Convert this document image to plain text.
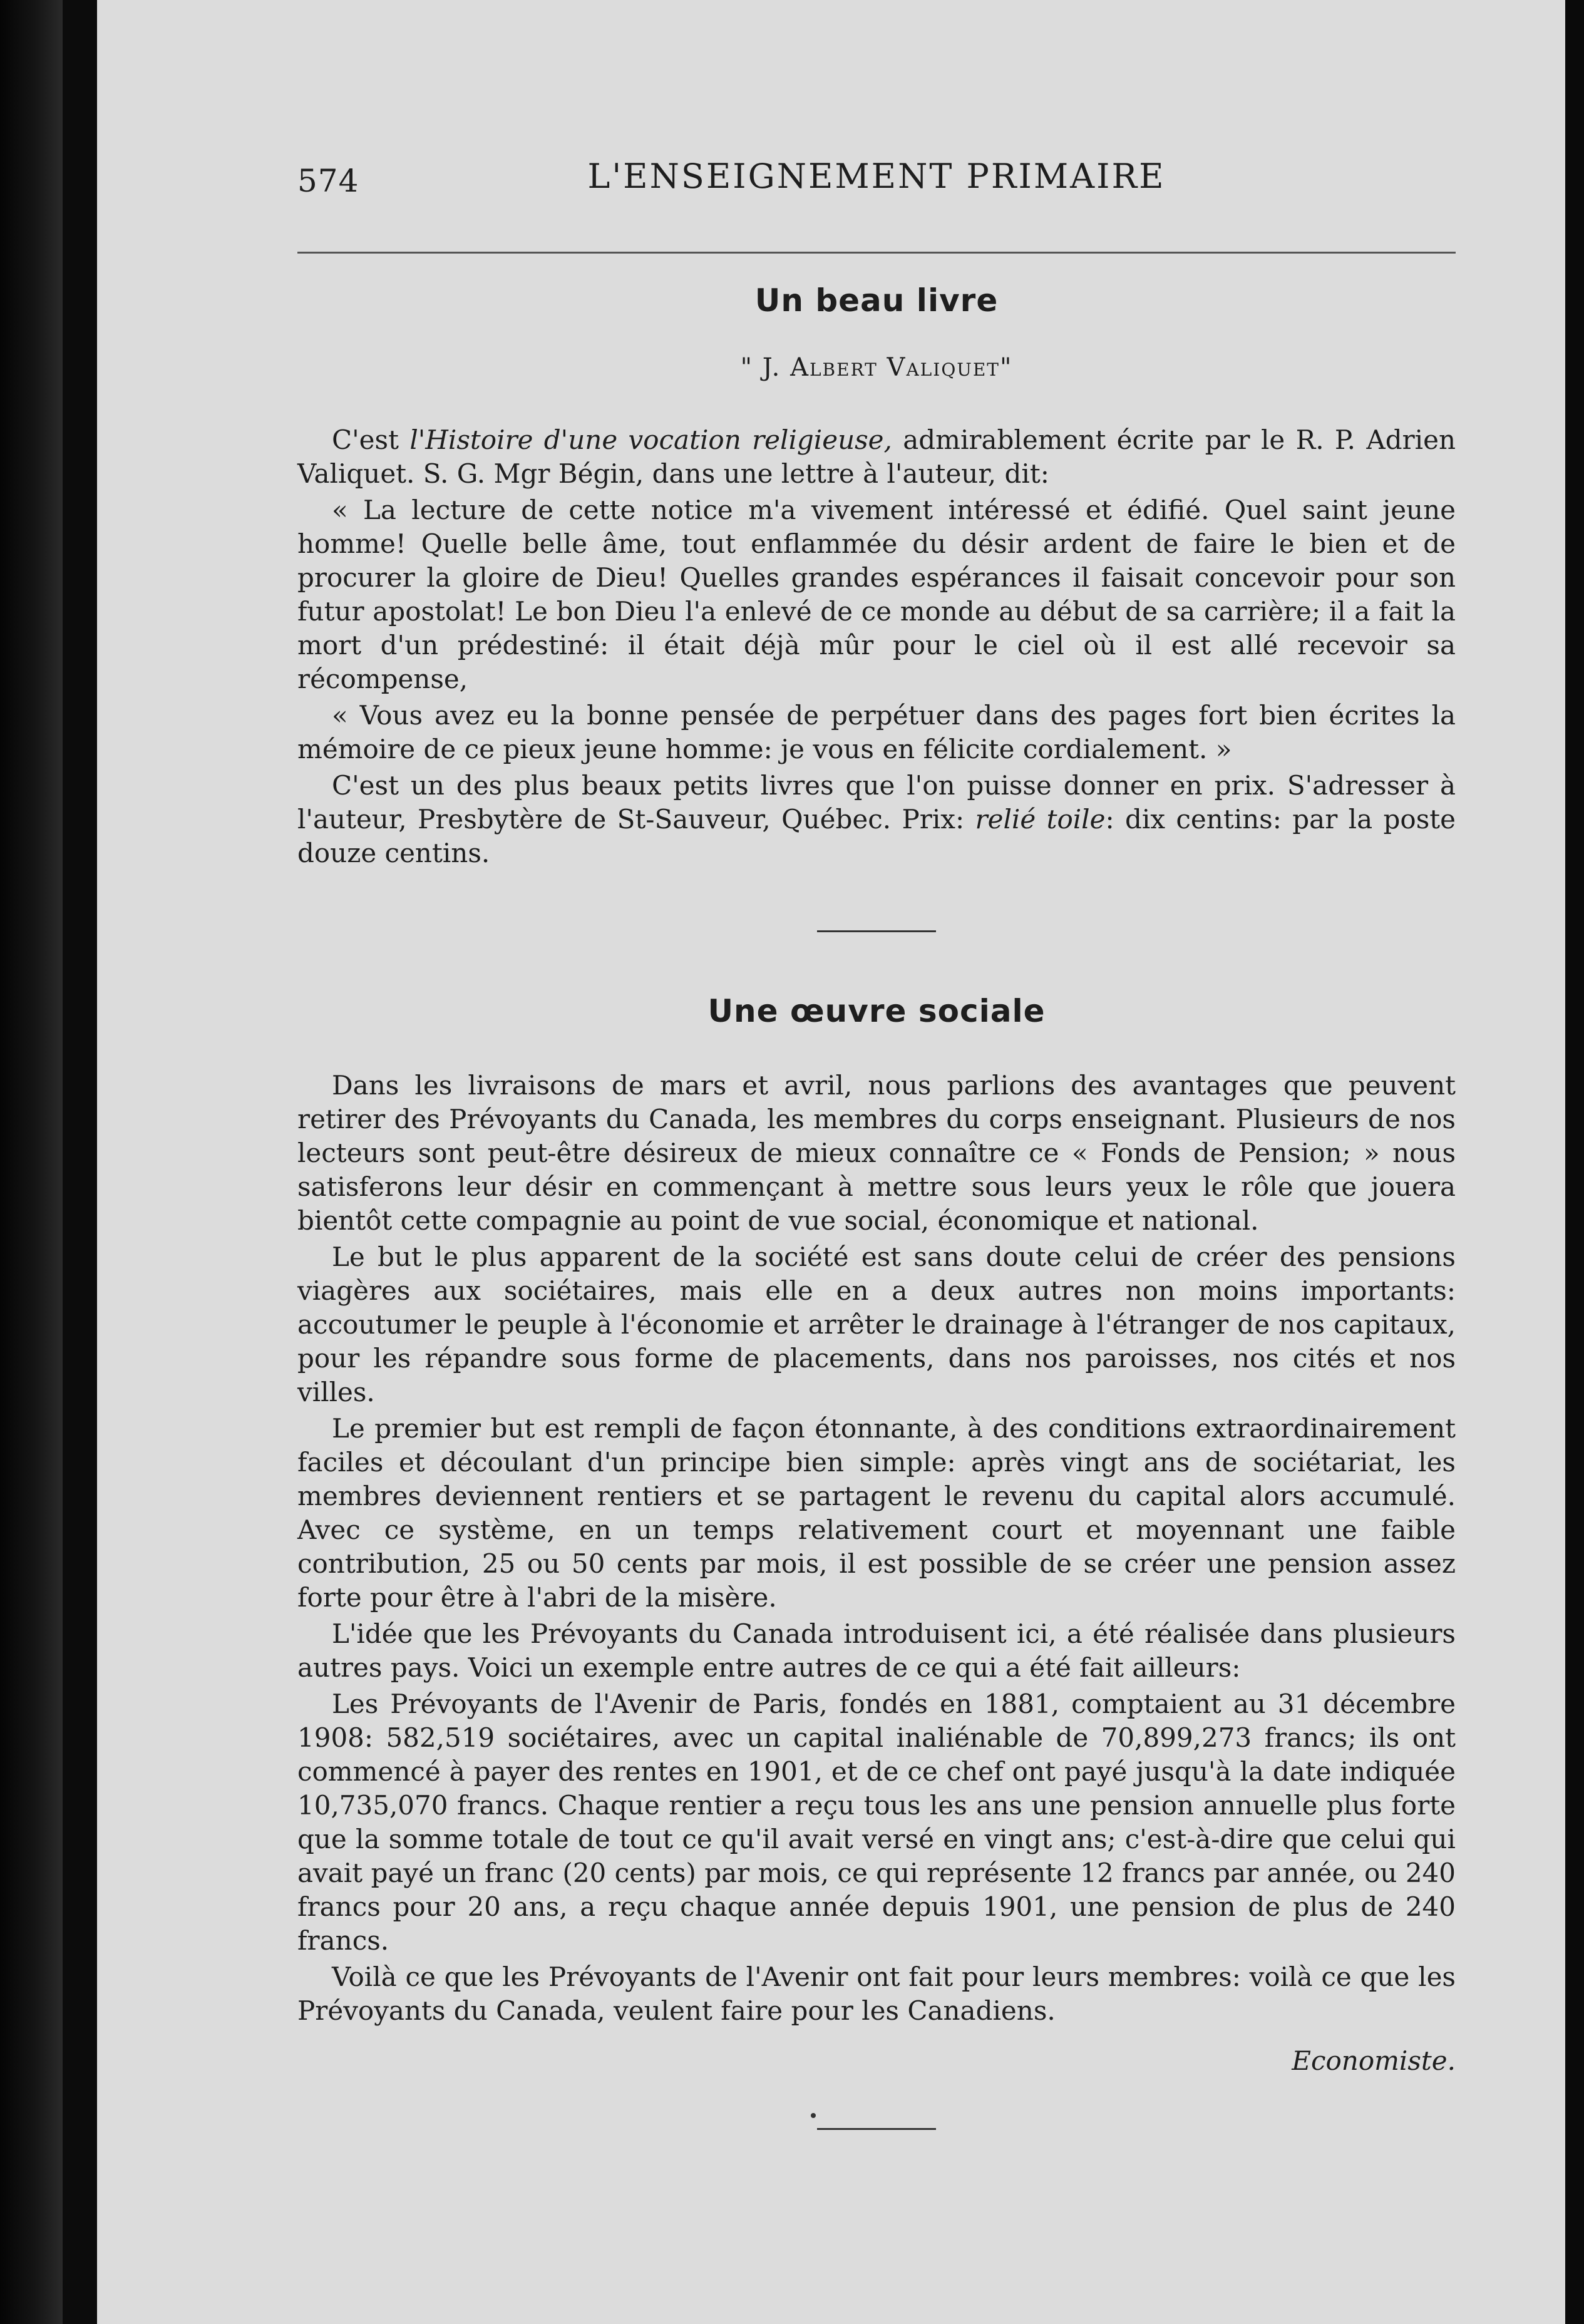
574	L'ENSEIGNEMENT PRIMAIRE
Un beau livre
" J. Albert Valiquet"

C'est l'Histoire d'une vocation religieuse, admirablement écrite par le R. P. Adrien Valiquet. S. G. Mgr Bégin, dans une lettre à l'auteur, dit:

« La lecture de cette notice m'a vivement intéressé et édifié. Quel saint jeune homme! Quelle belle âme, tout enflammée du désir ardent de faire le bien et de procurer la gloire de Dieu! Quelles grandes espérances il faisait concevoir pour son futur apostolat! Le bon Dieu l'a enlevé de ce monde au début de sa carrière; il a fait la mort d'un prédestiné: il était déjà mûr pour le ciel où il est allé recevoir sa récompense,

« Vous avez eu la bonne pensée de perpétuer dans des pages fort bien écrites la mémoire de ce pieux jeune homme: je vous en félicite cordialement. »

C'est un des plus beaux petits livres que l'on puisse donner en prix. S'adresser à l'auteur, Presbytère de St-Sauveur, Québec. Prix: relié toile: dix centins: par la poste douze centins.

Une œuvre sociale

Dans les livraisons de mars et avril, nous parlions des avantages que peuvent retirer des Prévoyants du Canada, les membres du corps enseignant. Plusieurs de nos lecteurs sont peut-être désireux de mieux connaître ce « Fonds de Pension; » nous satisferons leur désir en commençant à mettre sous leurs yeux le rôle que jouera bientôt cette compagnie au point de vue social, économique et national.

Le but le plus apparent de la société est sans doute celui de créer des pensions viagères aux sociétaires, mais elle en a deux autres non moins importants: accoutumer le peuple à l'économie et arrêter le drainage à l'étranger de nos capitaux, pour les répandre sous forme de placements, dans nos paroisses, nos cités et nos villes.

Le premier but est rempli de façon étonnante, à des conditions extraordinairement faciles et découlant d'un principe bien simple: après vingt ans de sociétariat, les membres deviennent rentiers et se partagent le revenu du capital alors accumulé. Avec ce système, en un temps relativement court et moyennant une faible contribution, 25 ou 50 cents par mois, il est possible de se créer une pension assez forte pour être à l'abri de la misère.

L'idée que les Prévoyants du Canada introduisent ici, a été réalisée dans plusieurs autres pays. Voici un exemple entre autres de ce qui a été fait ailleurs:

Les Prévoyants de l'Avenir de Paris, fondés en 1881, comptaient au 31 décembre 1908: 582,519 sociétaires, avec un capital inaliénable de 70,899,273 francs; ils ont commencé à payer des rentes en 1901, et de ce chef ont payé jusqu'à la date indiquée 10,735,070 francs. Chaque rentier a reçu tous les ans une pension annuelle plus forte que la somme totale de tout ce qu'il avait versé en vingt ans; c'est-à-dire que celui qui avait payé un franc (20 cents) par mois, ce qui représente 12 francs par année, ou 240 francs pour 20 ans, a reçu chaque année depuis 1901, une pension de plus de 240 francs.

Voilà ce que les Prévoyants de l'Avenir ont fait pour leurs membres: voilà ce que les Prévoyants du Canada, veulent faire pour les Canadiens.

Economiste.
